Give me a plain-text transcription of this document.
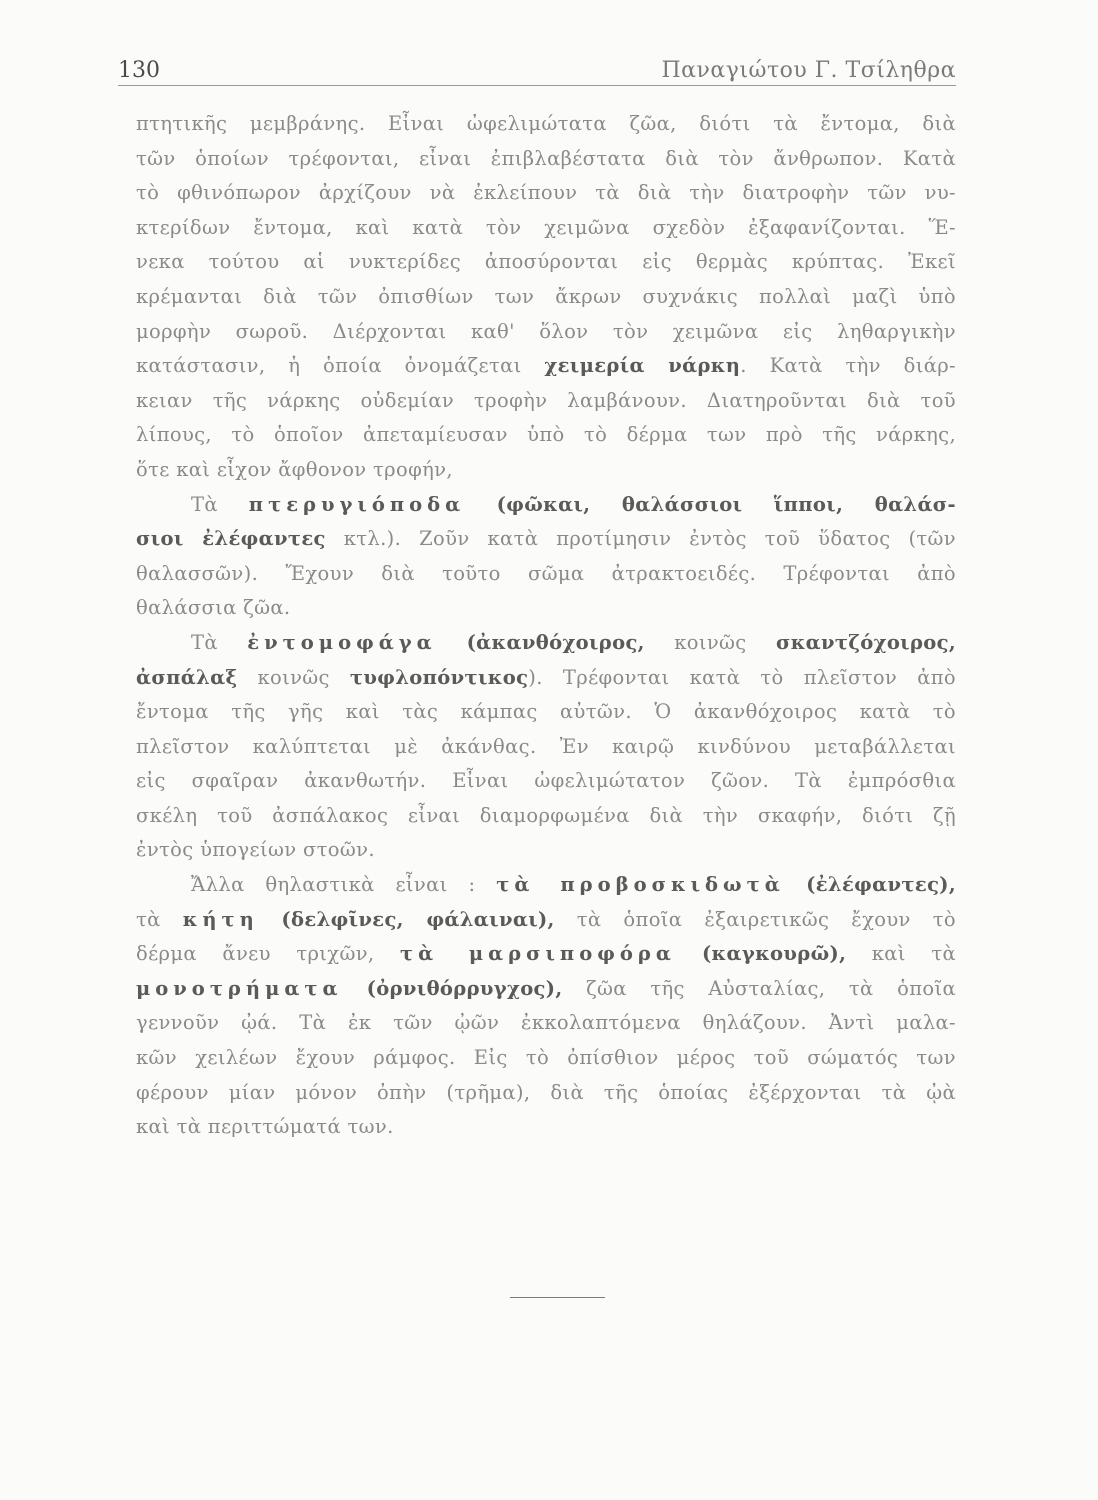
130	Παναγιώτου Γ. Τσίληθρα
πτητικῆς μεμβράνης. Εἶναι ὠφελιμώτατα ζῶα, διότι τὰ ἔντομα, διὰ
τῶν ὁποίων τρέφονται, εἶναι ἐπιβλαβέστατα διὰ τὸν ἄνθρωπον. Κατὰ
τὸ φθινόπωρον ἀρχίζουν νὰ ἐκλείπουν τὰ διὰ τὴν διατροφὴν τῶν νυ-
κτερίδων ἔντομα, καὶ κατὰ τὸν χειμῶνα σχεδὸν ἐξαφανίζονται. Ἕ-
νεκα τούτου αἱ νυκτερίδες ἀποσύρονται εἰς θερμὰς κρύπτας. Ἐκεῖ
κρέμανται διὰ τῶν ὀπισθίων των ἄκρων συχνάκις πολλαὶ μαζὶ ὑπὸ
μορφὴν σωροῦ. Διέρχονται καθ' ὅλον τὸν χειμῶνα εἰς ληθαργικὴν
κατάστασιν, ἡ ὁποία ὀνομάζεται χειμερία νάρκη. Κατὰ τὴν διάρ-
κειαν τῆς νάρκης οὐδεμίαν τροφὴν λαμβάνουν. Διατηροῦνται διὰ τοῦ
λίπους, τὸ ὁποῖον ἀπεταμίευσαν ὑπὸ τὸ δέρμα των πρὸ τῆς νάρκης,
ὅτε καὶ εἶχον ἄφθονον τροφήν,
Τὰ πτερυγιόποδα (φῶκαι, θαλάσσιοι ἵπποι, θαλάσ-
σιοι ἐλέφαντες κτλ.). Ζοῦν κατὰ προτίμησιν ἐντὸς τοῦ ὕδατος (τῶν
θαλασσῶν). Ἔχουν διὰ τοῦτο σῶμα ἀτρακτοειδές. Τρέφονται ἀπὸ
θαλάσσια ζῶα.
Τὰ ἐντομοφάγα (ἀκανθόχοιρος, κοινῶς σκαντζόχοιρος,
ἀσπάλαξ κοινῶς τυφλοπόντικος). Τρέφονται κατὰ τὸ πλεῖστον ἀπὸ
ἔντομα τῆς γῆς καὶ τὰς κάμπας αὐτῶν. Ὁ ἀκανθόχοιρος κατὰ τὸ
πλεῖστον καλύπτεται μὲ ἀκάνθας. Ἐν καιρῷ κινδύνου μεταβάλλεται
εἰς σφαῖραν ἀκανθωτήν. Εἶναι ὠφελιμώτατον ζῶον. Τὰ ἐμπρόσθια
σκέλη τοῦ ἀσπάλακος εἶναι διαμορφωμένα διὰ τὴν σκαφήν, διότι ζῇ
ἐντὸς ὑπογείων στοῶν.
Ἄλλα θηλαστικὰ εἶναι : τὰ προβοσκιδωτὰ (ἐλέφαντες),
τὰ κήτη (δελφῖνες, φάλαιναι), τὰ ὁποῖα ἐξαιρετικῶς ἔχουν τὸ
δέρμα ἄνευ τριχῶν, τὰ μαρσιποφόρα (καγκουρῶ), καὶ τὰ
μονοτρήματα (ὀρνιθόρρυγχος), ζῶα τῆς Αὐσταλίας, τὰ ὁποῖα
γεννοῦν ᾠά. Τὰ ἐκ τῶν ᾠῶν ἐκκολαπτόμενα θηλάζουν. Ἀντὶ μαλα-
κῶν χειλέων ἔχουν ράμφος. Εἰς τὸ ὀπίσθιον μέρος τοῦ σώματός των
φέρουν μίαν μόνον ὀπὴν (τρῆμα), διὰ τῆς ὁποίας ἐξέρχονται τὰ ᾠὰ
καὶ τὰ περιττώματά των.
